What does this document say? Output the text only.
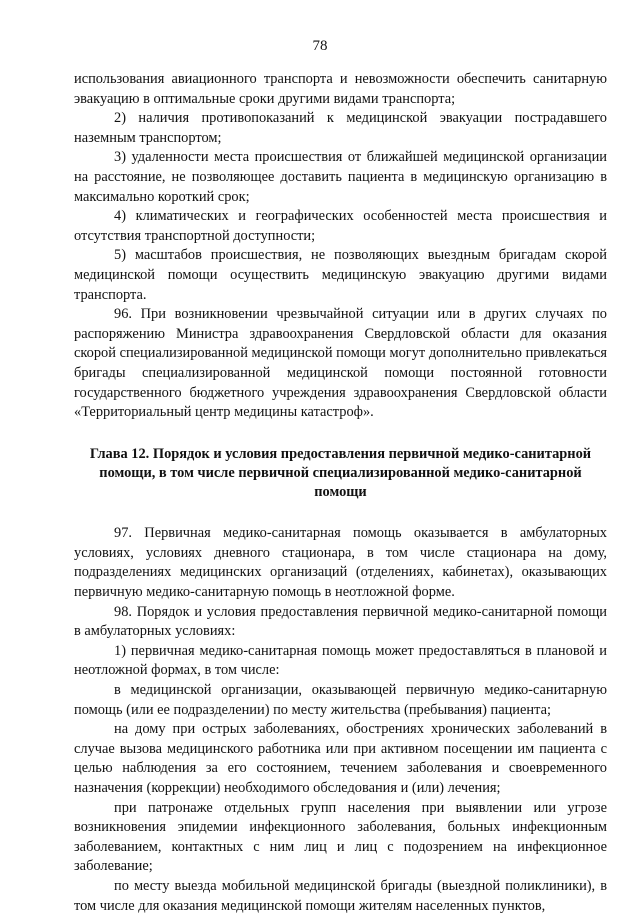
78

использования авиационного транспорта и невозможности обеспечить санитарную эвакуацию в оптимальные сроки другими видами транспорта;

2) наличия противопоказаний к медицинской эвакуации пострадавшего наземным транспортом;

3) удаленности места происшествия от ближайшей медицинской организации на расстояние, не позволяющее доставить пациента в медицинскую организацию в максимально короткий срок;

4) климатических и географических особенностей места происшествия и отсутствия транспортной доступности;

5) масштабов происшествия, не позволяющих выездным бригадам скорой медицинской помощи осуществить медицинскую эвакуацию другими видами транспорта.

96. При возникновении чрезвычайной ситуации или в других случаях по распоряжению Министра здравоохранения Свердловской области для оказания скорой специализированной медицинской помощи могут дополнительно привлекаться бригады специализированной медицинской помощи постоянной готовности государственного бюджетного учреждения здравоохранения Свердловской области «Территориальный центр медицины катастроф».

Глава 12. Порядок и условия предоставления первичной медико-санитарной помощи, в том числе первичной специализированной медико-санитарной помощи

97. Первичная медико-санитарная помощь оказывается в амбулаторных условиях, условиях дневного стационара, в том числе стационара на дому, подразделениях медицинских организаций (отделениях, кабинетах), оказывающих первичную медико-санитарную помощь в неотложной форме.

98. Порядок и условия предоставления первичной медико-санитарной помощи в амбулаторных условиях:

1) первичная медико-санитарная помощь может предоставляться в плановой и неотложной формах, в том числе:

в медицинской организации, оказывающей первичную медико-санитарную помощь (или ее подразделении) по месту жительства (пребывания) пациента;

на дому при острых заболеваниях, обострениях хронических заболеваний в случае вызова медицинского работника или при активном посещении им пациента с целью наблюдения за его состоянием, течением заболевания и своевременного назначения (коррекции) необходимого обследования и (или) лечения;

при патронаже отдельных групп населения при выявлении или угрозе возникновения эпидемии инфекционного заболевания, больных инфекционным заболеванием, контактных с ним лиц и лиц с подозрением на инфекционное заболевание;

по месту выезда мобильной медицинской бригады (выездной поликлиники), в том числе для оказания медицинской помощи жителям населенных пунктов,
